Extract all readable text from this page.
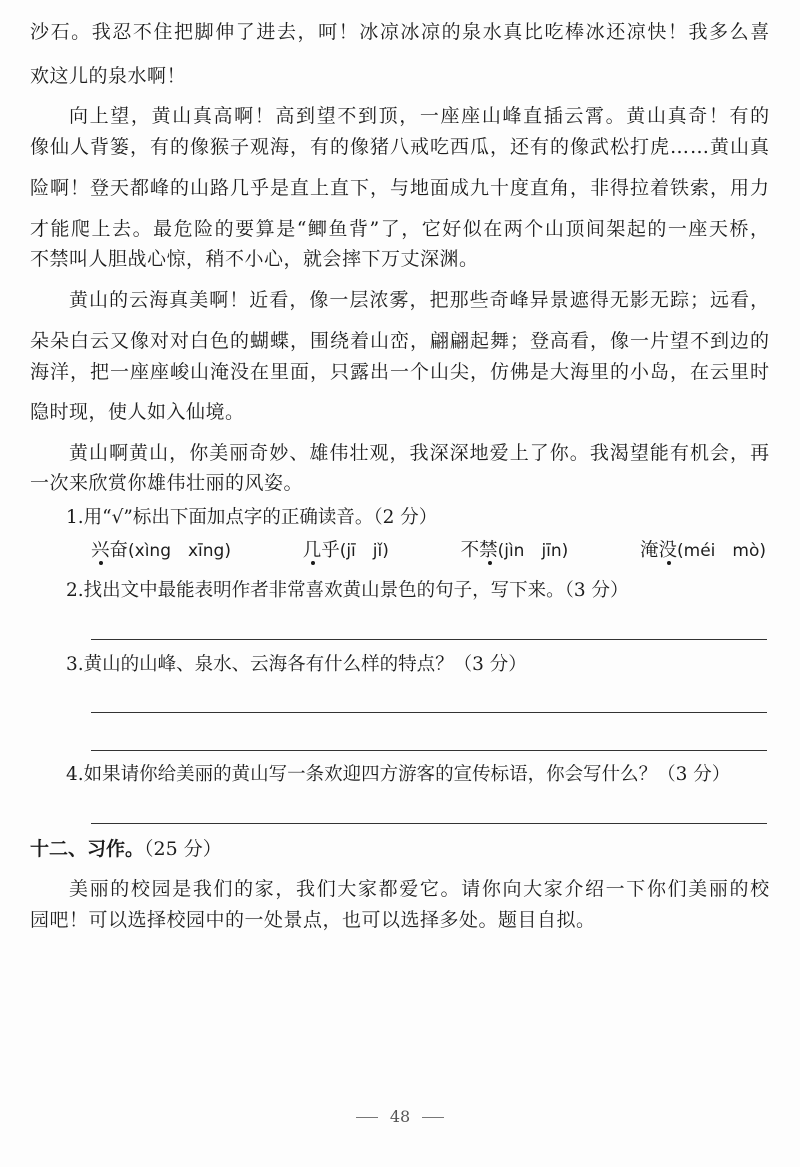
沙 石 。 我 忍 不 住 把 脚 伸 了 进 去 ， 呵 ！ 冰 凉 冰 凉 的 泉 水 真 比 吃 棒 冰 还 凉 快 ！ 我 多 么 喜
欢这儿的泉水啊！
向 上 望 ， 黄 山 真 高 啊 ！ 高 到 望 不 到 顶 ， 一 座 座 山 峰 直 插 云 霄 。 黄 山 真 奇 ！ 有 的
像 仙 人 背 篓 ， 有 的 像 猴 子 观 海 ， 有 的 像 猪 八 戒 吃 西 瓜 ， 还 有 的 像 武 松 打 虎 … … 黄 山 真
险 啊 ！ 登 天 都 峰 的 山 路 几 乎 是 直 上 直 下 ， 与 地 面 成 九 十 度 直 角 ， 非 得 拉 着 铁 索 ， 用 力
才 能 爬 上 去 。 最 危 险 的 要 算 是 “ 鲫 鱼 背 ” 了 ， 它 好 似 在 两 个 山 顶 间 架 起 的 一 座 天 桥 ，
不禁叫人胆战心惊，稍不小心，就会摔下万丈深渊。
黄 山 的 云 海 真 美 啊 ！ 近 看 ， 像 一 层 浓 雾 ， 把 那 些 奇 峰 异 景 遮 得 无 影 无 踪 ； 远 看 ，
朵 朵 白 云 又 像 对 对 白 色 的 蝴 蝶 ， 围 绕 着 山 峦 ， 翩 翩 起 舞 ； 登 高 看 ， 像 一 片 望 不 到 边 的
海 洋 ， 把 一 座 座 峻 山 淹 没 在 里 面 ， 只 露 出 一 个 山 尖 ， 仿 佛 是 大 海 里 的 小 岛 ， 在 云 里 时
隐时现，使人如入仙境。
黄 山 啊 黄 山 ， 你 美 丽 奇 妙 、 雄 伟 壮 观 ， 我 深 深 地 爱 上 了 你 。 我 渴 望 能 有 机 会 ， 再
一次来欣赏你雄伟壮丽的风姿。
1.用“√”标出下面加点字的正确读音。（2 分）
兴奋(xìng　xīng)	几乎(jī　jǐ)	不禁(jìn　jīn)	淹没(méi　mò)
2.找出文中最能表明作者非常喜欢黄山景色的句子，写下来。（3 分）
3.黄山的山峰、泉水、云海各有什么样的特点？（3 分）
4.如果请你给美丽的黄山写一条欢迎四方游客的宣传标语，你会写什么？（3 分）
十二、习作。（25 分）
美 丽 的 校 园 是 我 们 的 家 ， 我 们 大 家 都 爱 它 。 请 你 向 大 家 介 绍 一 下 你 们 美 丽 的 校
园吧！可以选择校园中的一处景点，也可以选择多处。题目自拟。
48
